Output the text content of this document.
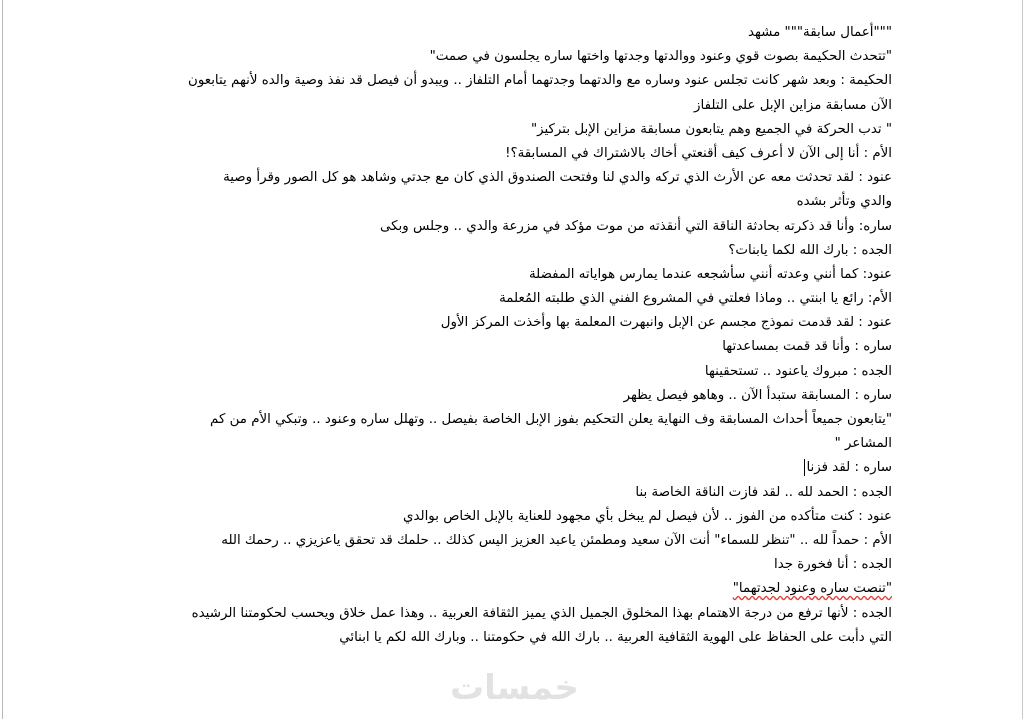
"""أعمال سابقة""" مشهد
"تتحدث الحكيمة بصوت قوي وعنود ووالدتها وجدتها واختها ساره يجلسون في صمت"
الحكيمة : وبعد شهر كانت تجلس عنود وساره مع والدتهما وجدتهما أمام التلفاز .. ويبدو أن فيصل قد نفذ وصية والده لأنهم يتابعون
الآن مسابقة مزاين الإبل على التلفاز
" تدب الحركة في الجميع وهم يتابعون مسابقة مزاين الإبل بتركيز"
الأم : أنا إلى الآن لا أعرف كيف أقنعتي أخاك بالاشتراك في المسابقة؟!
عنود : لقد تحدثت معه عن الأرث الذي تركه والدي لنا وفتحت الصندوق الذي كان مع جدتي وشاهد هو كل الصور وقرأ وصية
والدي وتأثر بشده
ساره: وأنا قد ذكرته بحادثة الناقة التي أنقذته من موت مؤكد في مزرعة والدي .. وجلس وبكى
الجده : بارك الله لكما يابنات؟
عنود: كما أنني وعدته أنني سأشجعه عندما يمارس هواياته المفضلة
الأم: رائع يا ابنتي .. وماذا فعلتي في المشروع الفني الذي طلبته المُعلمة
عنود : لقد قدمت نموذج مجسم عن الإبل وانبهرت المعلمة بها وأخذت المركز الأول
ساره : وأنا قد قمت بمساعدتها
الجده : مبروك ياعنود .. تستحقينها
ساره : المسابقة ستبدأ الآن .. وهاهو فيصل يظهر
"يتابعون جميعاً أحداث المسابقة وف النهاية يعلن التحكيم بفوز الإبل الخاصة بفيصل .. وتهلل ساره وعنود .. وتبكي الأم من كم
المشاعر "
ساره : لقد فزنا
الجده : الحمد لله .. لقد فازت الناقة الخاصة بنا
عنود : كنت متأكده من الفوز .. لأن فيصل لم يبخل بأي مجهود للعناية بالإبل الخاص بوالدي
الأم : حمداً لله .. "تنظر للسماء" أنت الآن سعيد ومطمئن ياعبد العزيز اليس كذلك .. حلمك قد تحقق ياعزيزي .. رحمك الله
الجده : أنا فخورة جدا
"تنصت ساره وعنود لجدتهما"
الجده : لأنها ترفع من درجة الاهتمام بهذا المخلوق الجميل الذي يميز الثقافة العربية .. وهذا عمل خلاق ويحسب لحكومتنا الرشيده
التي دأبت على الحفاظ على الهوية الثقافية العربية .. بارك الله في حكومتنا .. وبارك الله لكم يا ابنائي
خمسات
